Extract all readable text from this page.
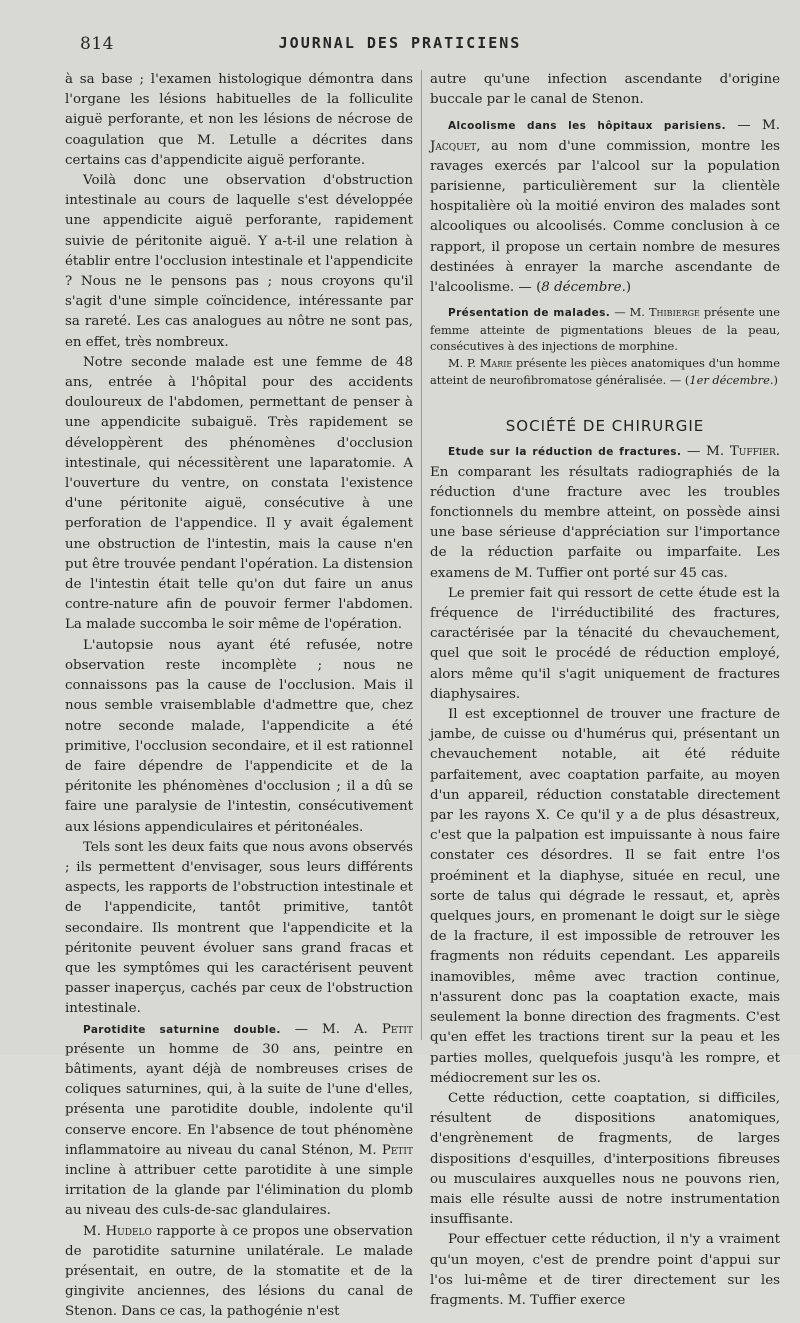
814	JOURNAL DES PRATICIENS

à sa base ; l'examen histologique démontra dans l'organe les lésions habituelles de la folliculite aiguë perforante, et non les lésions de nécrose de coagulation que M. Letulle a décrites dans certains cas d'appendicite aiguë perforante.

Voilà donc une observation d'obstruction intestinale au cours de laquelle s'est développée une appendicite aiguë perforante, rapidement suivie de péritonite aiguë. Y a-t-il une relation à établir entre l'occlusion intestinale et l'appendicite ? Nous ne le pensons pas ; nous croyons qu'il s'agit d'une simple coïncidence, intéressante par sa rareté. Les cas analogues au nôtre ne sont pas, en effet, très nombreux.

Notre seconde malade est une femme de 48 ans, entrée à l'hôpital pour des accidents douloureux de l'abdomen, permettant de penser à une appendicite subaiguë. Très rapidement se développèrent des phénomènes d'occlusion intestinale, qui nécessitèrent une laparatomie. A l'ouverture du ventre, on constata l'existence d'une péritonite aiguë, consécutive à une perforation de l'appendice. Il y avait également une obstruction de l'intestin, mais la cause n'en put être trouvée pendant l'opération. La distension de l'intestin était telle qu'on dut faire un anus contre-nature afin de pouvoir fermer l'abdomen. La malade succomba le soir même de l'opération.

L'autopsie nous ayant été refusée, notre observation reste incomplète ; nous ne connaissons pas la cause de l'occlusion. Mais il nous semble vraisemblable d'admettre que, chez notre seconde malade, l'appendicite a été primitive, l'occlusion secondaire, et il est rationnel de faire dépendre de l'appendicite et de la péritonite les phénomènes d'occlusion ; il a dû se faire une paralysie de l'intestin, consécutivement aux lésions appendiculaires et péritonéales.

Tels sont les deux faits que nous avons observés ; ils permettent d'envisager, sous leurs différents aspects, les rapports de l'obstruction intestinale et de l'appendicite, tantôt primitive, tantôt secondaire. Ils montrent que l'appendicite et la péritonite peuvent évoluer sans grand fracas et que les symptômes qui les caractérisent peuvent passer inaperçus, cachés par ceux de l'obstruction intestinale.

Parotidite saturnine double. — M. A. Petit présente un homme de 30 ans, peintre en bâtiments, ayant déjà de nombreuses crises de coliques saturnines, qui, à la suite de l'une d'elles, présenta une parotidite double, indolente qu'il conserve encore. En l'absence de tout phénomène inflammatoire au niveau du canal Sténon, M. Petit incline à attribuer cette parotidite à une simple irritation de la glande par l'élimination du plomb au niveau des culs-de-sac glandulaires.

M. Hudelo rapporte à ce propos une observation de parotidite saturnine unilatérale. Le malade présentait, en outre, de la stomatite et de la gingivite anciennes, des lésions du canal de Stenon. Dans ce cas, la pathogénie n'est

autre qu'une infection ascendante d'origine buccale par le canal de Stenon.

Alcoolisme dans les hôpitaux parisiens. — M. Jacquet, au nom d'une commission, montre les ravages exercés par l'alcool sur la population parisienne, particulièrement sur la clientèle hospitalière où la moitié environ des malades sont alcooliques ou alcoolisés. Comme conclusion à ce rapport, il propose un certain nombre de mesures destinées à enrayer la marche ascendante de l'alcoolisme. — (8 décembre.)

Présentation de malades. — M. Thibierge présente une femme atteinte de pigmentations bleues de la peau, consécutives à des injections de morphine.

M. P. Marie présente les pièces anatomiques d'un homme atteint de neurofibromatose généralisée. — (1er décembre.)

SOCIÉTÉ DE CHIRURGIE

Etude sur la réduction de fractures. — M. Tuffier. En comparant les résultats radiographiés de la réduction d'une fracture avec les troubles fonctionnels du membre atteint, on possède ainsi une base sérieuse d'appréciation sur l'importance de la réduction parfaite ou imparfaite. Les examens de M. Tuffier ont porté sur 45 cas.

Le premier fait qui ressort de cette étude est la fréquence de l'irréductibilité des fractures, caractérisée par la ténacité du chevauchement, quel que soit le procédé de réduction employé, alors même qu'il s'agit uniquement de fractures diaphysaires.

Il est exceptionnel de trouver une fracture de jambe, de cuisse ou d'humérus qui, présentant un chevauchement notable, ait été réduite parfaitement, avec coaptation parfaite, au moyen d'un appareil, réduction constatable directement par les rayons X. Ce qu'il y a de plus désastreux, c'est que la palpation est impuissante à nous faire constater ces désordres. Il se fait entre l'os proéminent et la diaphyse, située en recul, une sorte de talus qui dégrade le ressaut, et, après quelques jours, en promenant le doigt sur le siège de la fracture, il est impossible de retrouver les fragments non réduits cependant. Les appareils inamovibles, même avec traction continue, n'assurent donc pas la coaptation exacte, mais seulement la bonne direction des fragments. C'est qu'en effet les tractions tirent sur la peau et les parties molles, quelquefois jusqu'à les rompre, et médiocrement sur les os.

Cette réduction, cette coaptation, si difficiles, résultent de dispositions anatomiques, d'engrènement de fragments, de larges dispositions d'esquilles, d'interpositions fibreuses ou musculaires auxquelles nous ne pouvons rien, mais elle résulte aussi de notre instrumentation insuffisante.

Pour effectuer cette réduction, il n'y a vraiment qu'un moyen, c'est de prendre point d'appui sur l'os lui-même et de tirer directement sur les fragments. M. Tuffier exerce
